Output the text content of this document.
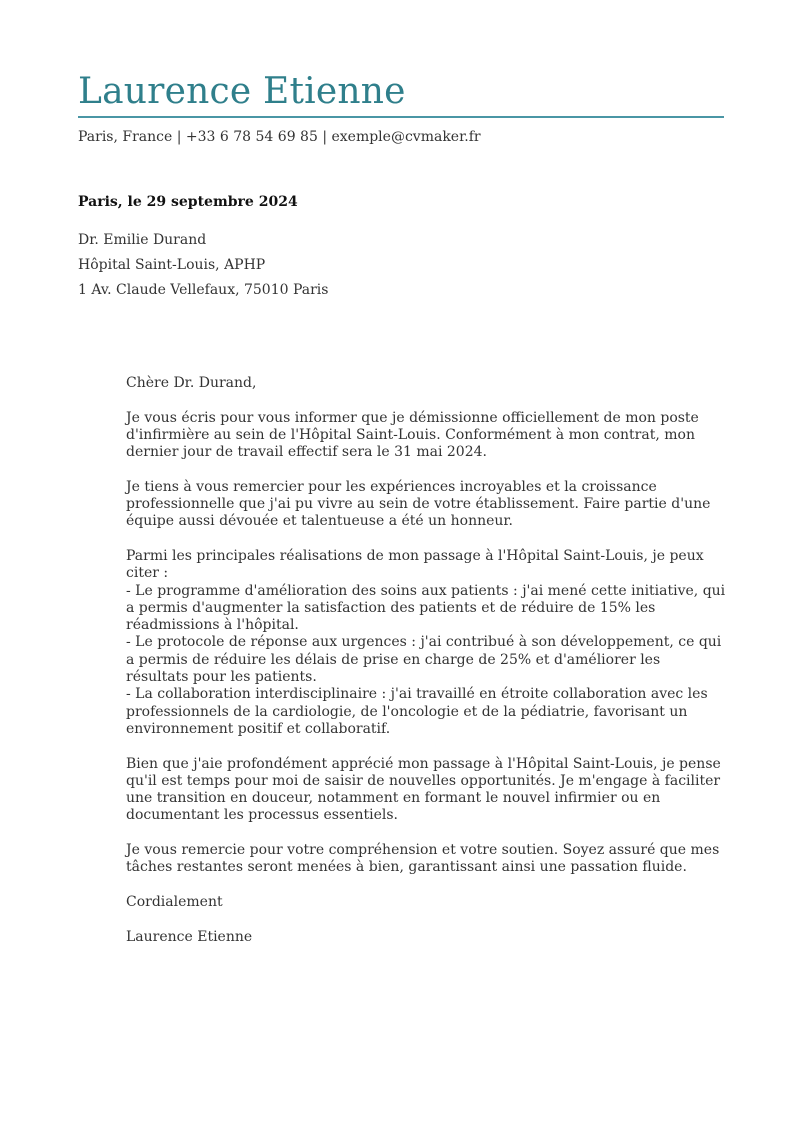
Laurence Etienne
Paris, France | +33 6 78 54 69 85 | exemple@cvmaker.fr
Paris, le 29 septembre 2024
Dr. Emilie Durand
Hôpital Saint-Louis, APHP
1 Av. Claude Vellefaux, 75010 Paris

Chère Dr. Durand,

Je vous écris pour vous informer que je démissionne officiellement de mon poste d'infirmière au sein de l'Hôpital Saint-Louis. Conformément à mon contrat, mon dernier jour de travail effectif sera le 31 mai 2024.

Je tiens à vous remercier pour les expériences incroyables et la croissance professionnelle que j'ai pu vivre au sein de votre établissement. Faire partie d'une équipe aussi dévouée et talentueuse a été un honneur.

Parmi les principales réalisations de mon passage à l'Hôpital Saint-Louis, je peux citer :
- Le programme d'amélioration des soins aux patients : j'ai mené cette initiative, qui a permis d'augmenter la satisfaction des patients et de réduire de 15% les réadmissions à l'hôpital.
- Le protocole de réponse aux urgences : j'ai contribué à son développement, ce qui a permis de réduire les délais de prise en charge de 25% et d'améliorer les résultats pour les patients.
- La collaboration interdisciplinaire : j'ai travaillé en étroite collaboration avec les professionnels de la cardiologie, de l'oncologie et de la pédiatrie, favorisant un environnement positif et collaboratif.

Bien que j'aie profondément apprécié mon passage à l'Hôpital Saint-Louis, je pense qu'il est temps pour moi de saisir de nouvelles opportunités. Je m'engage à faciliter une transition en douceur, notamment en formant le nouvel infirmier ou en documentant les processus essentiels.

Je vous remercie pour votre compréhension et votre soutien. Soyez assuré que mes tâches restantes seront menées à bien, garantissant ainsi une passation fluide.

Cordialement

Laurence Etienne
